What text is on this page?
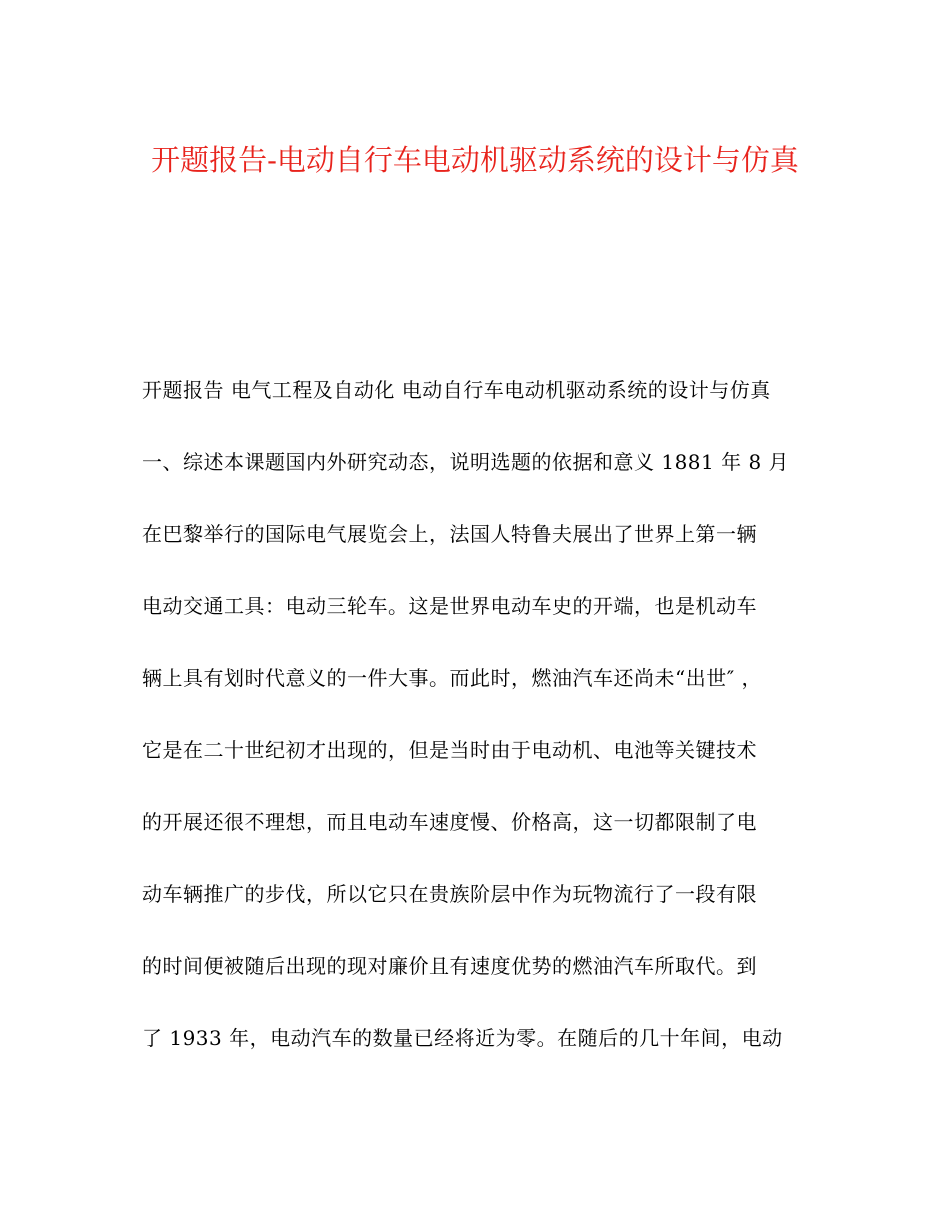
开题报告-电动自行车电动机驱动系统的设计与仿真
开题报告 电气工程及自动化 电动自行车电动机驱动系统的设计与仿真
一、综述本课题国内外研究动态，说明选题的依据和意义 1881 年 8 月
在巴黎举行的国际电气展览会上，法国人特鲁夫展出了世界上第一辆
电动交通工具：电动三轮车。这是世界电动车史的开端，也是机动车
辆上具有划时代意义的一件大事。而此时，燃油汽车还尚未“出世″ ，
它是在二十世纪初才出现的，但是当时由于电动机、电池等关键技术
的开展还很不理想，而且电动车速度慢、价格高，这一切都限制了电
动车辆推广的步伐，所以它只在贵族阶层中作为玩物流行了一段有限
的时间便被随后出现的现对廉价且有速度优势的燃油汽车所取代。到
了 1933 年，电动汽车的数量已经将近为零。在随后的几十年间，电动
